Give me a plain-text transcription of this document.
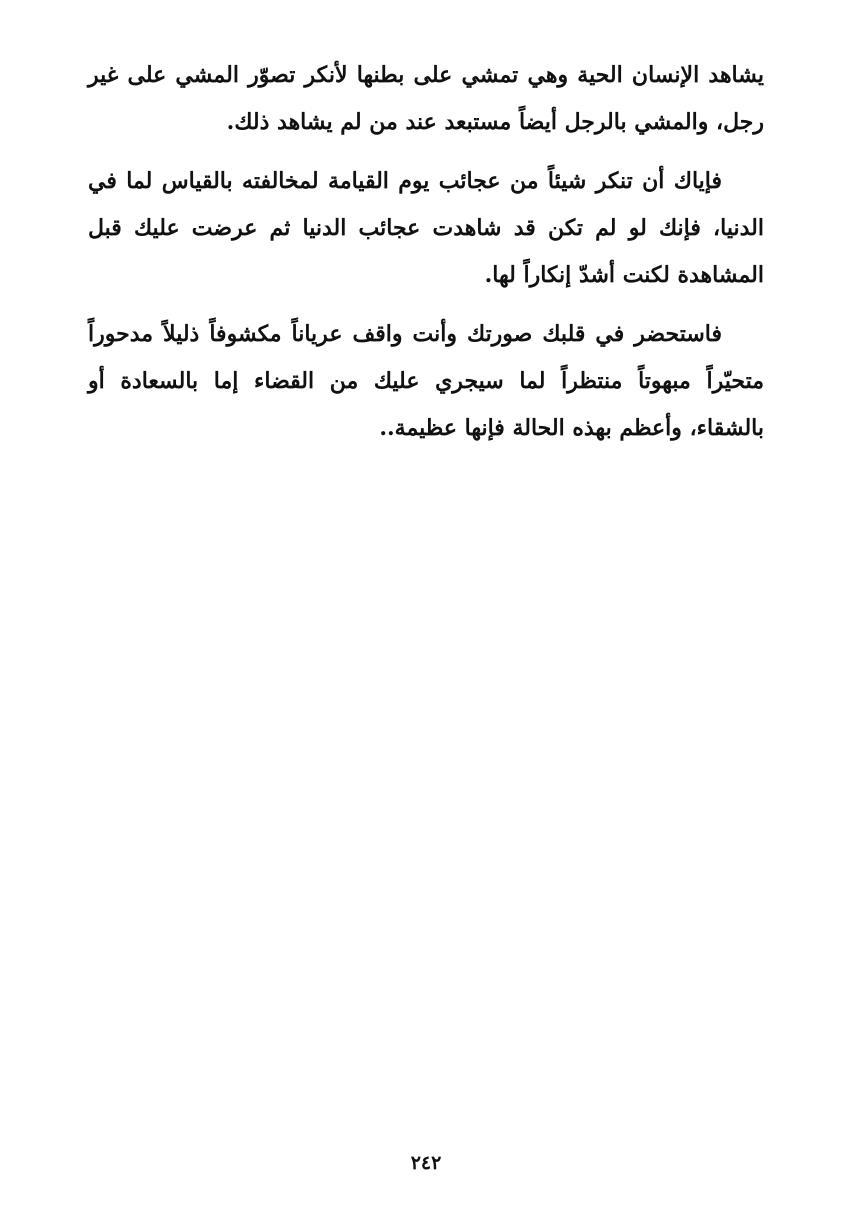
يشاهد الإنسان الحية وهي تمشي على بطنها لأنكر تصوّر المشي على غير رجل، والمشي بالرجل أيضاً مستبعد عند من لم يشاهد ذلك.

فإياك أن تنكر شيئاً من عجائب يوم القيامة لمخالفته بالقياس لما في الدنيا، فإنك لو لم تكن قد شاهدت عجائب الدنيا ثم عرضت عليك قبل المشاهدة لكنت أشدّ إنكاراً لها.

فاستحضر في قلبك صورتك وأنت واقف عرياناً مكشوفاً ذليلاً مدحوراً متحيّراً مبهوتاً منتظراً لما سيجري عليك من القضاء إما بالسعادة أو بالشقاء، وأعظم بهذه الحالة فإنها عظيمة..

٢٤٢
